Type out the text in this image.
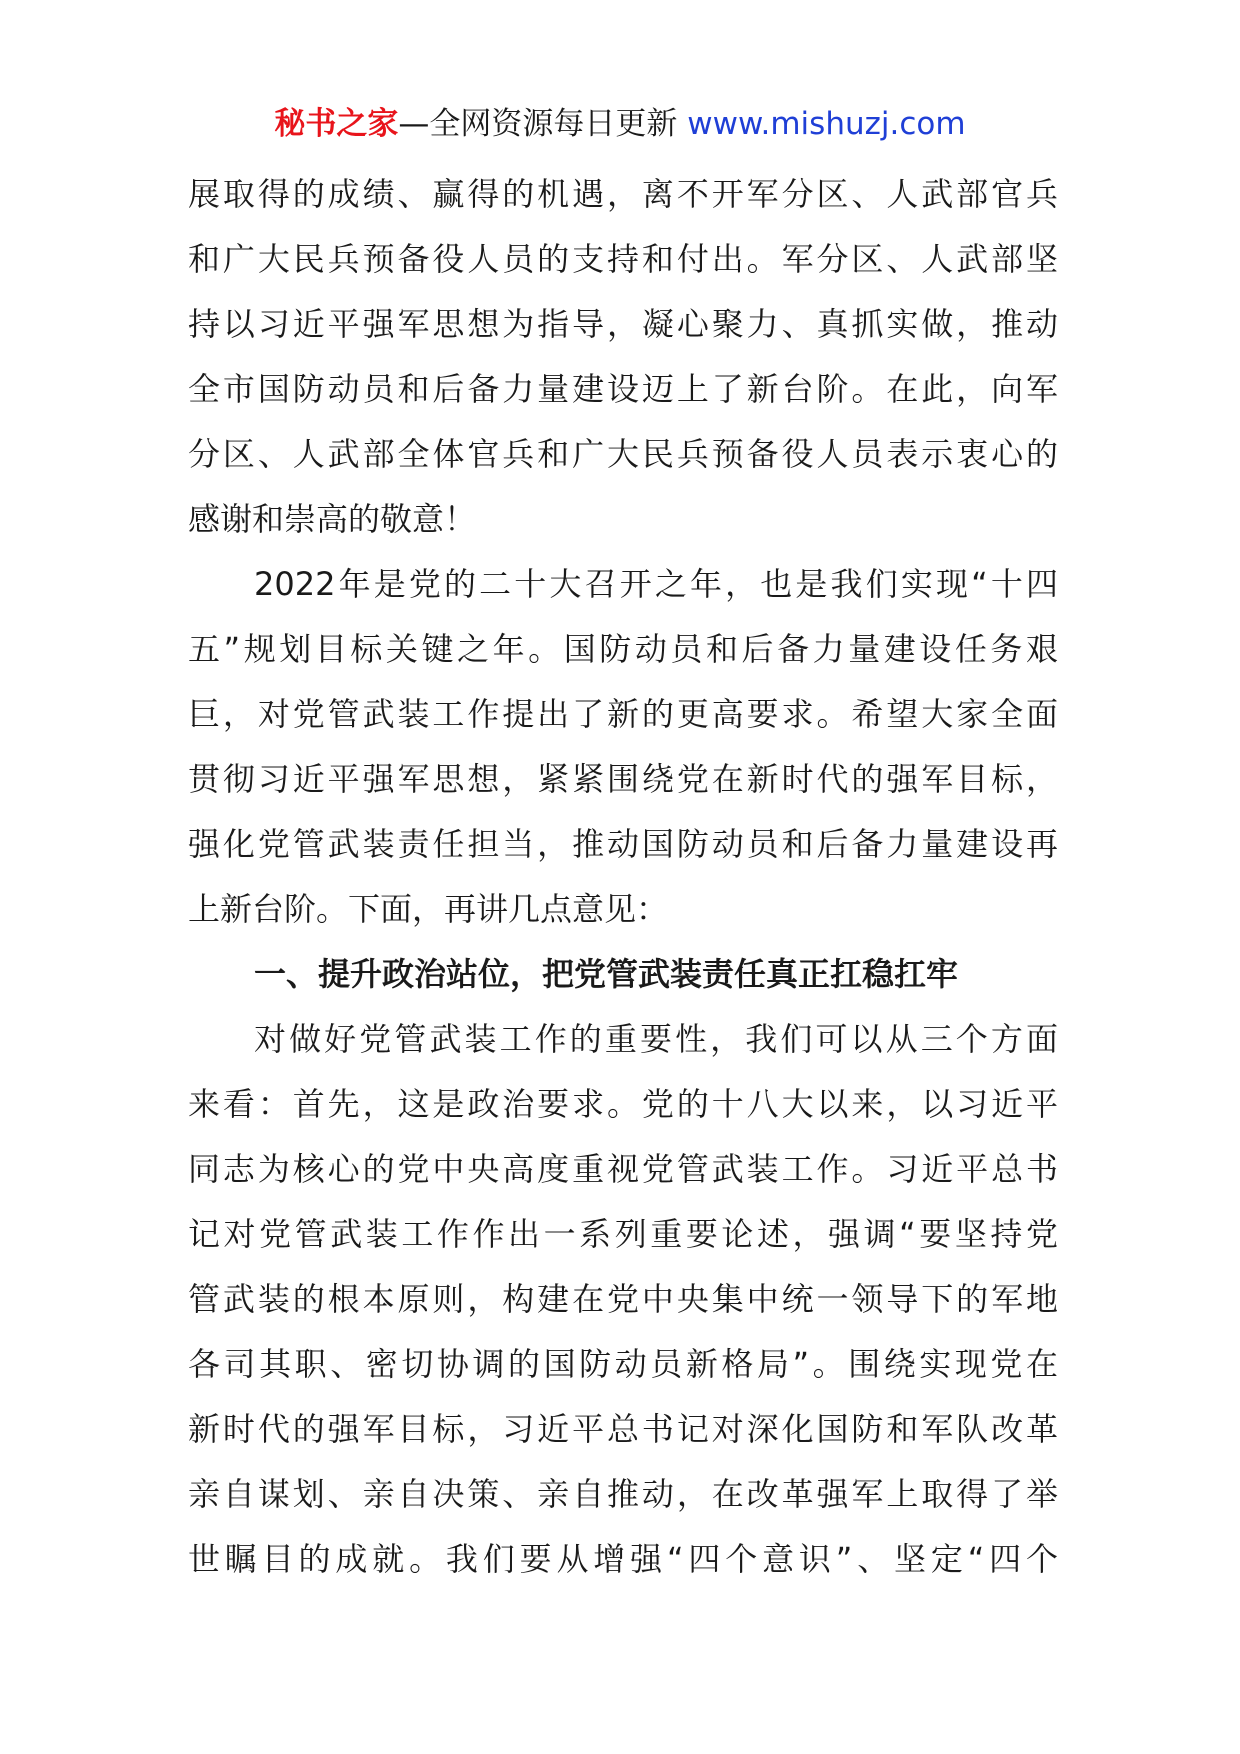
秘书之家—全网资源每日更新 www.mishuzj.com
展取得的成绩、赢得的机遇，离不开军分区、人武部官兵
和广大民兵预备役人员的支持和付出。军分区、人武部坚
持以习近平强军思想为指导，凝心聚力、真抓实做，推动
全市国防动员和后备力量建设迈上了新台阶。在此，向军
分区、人武部全体官兵和广大民兵预备役人员表示衷心的
感谢和崇高的敬意！
2022年是党的二十大召开之年，也是我们实现“十四
五”规划目标关键之年。国防动员和后备力量建设任务艰
巨，对党管武装工作提出了新的更高要求。希望大家全面
贯彻习近平强军思想，紧紧围绕党在新时代的强军目标，
强化党管武装责任担当，推动国防动员和后备力量建设再
上新台阶。下面，再讲几点意见：
一、提升政治站位，把党管武装责任真正扛稳扛牢
对做好党管武装工作的重要性，我们可以从三个方面
来看：首先，这是政治要求。党的十八大以来，以习近平
同志为核心的党中央高度重视党管武装工作。习近平总书
记对党管武装工作作出一系列重要论述，强调“要坚持党
管武装的根本原则，构建在党中央集中统一领导下的军地
各司其职、密切协调的国防动员新格局”。围绕实现党在
新时代的强军目标，习近平总书记对深化国防和军队改革
亲自谋划、亲自决策、亲自推动，在改革强军上取得了举
世瞩目的成就。我们要从增强“四个意识”、坚定“四个
